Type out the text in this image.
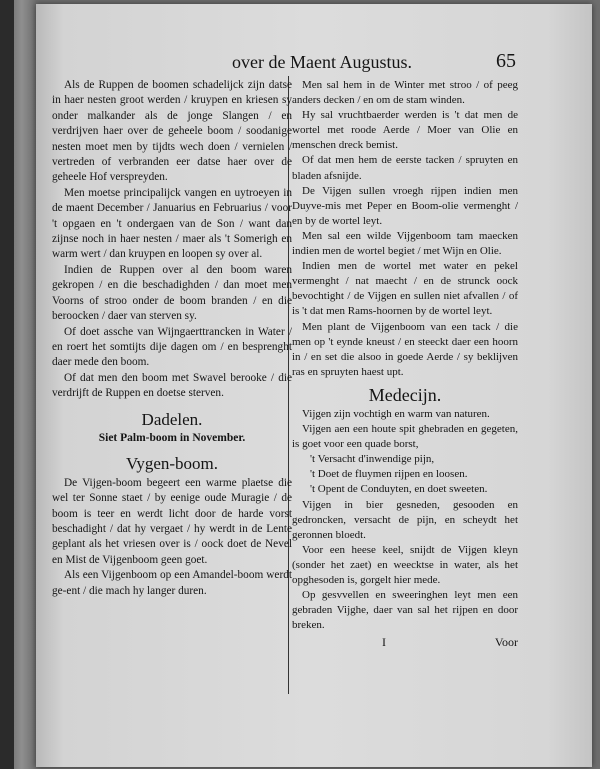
over de Maent Augustus.	65

Als de Ruppen de boomen schadelijck zijn datse in haer nesten groot werden / kruypen en kriesen sy onder malkander als de jonge Slangen / en verdrijven haer over de geheele boom / soodanige nesten moet men by tijdts wech doen / vernielen / vertreden of verbranden eer datse haer over de geheele Hof verspreyden.

Men moetse principalijck vangen en uytroeyen in de maent December / Januarius en Februarius / voor 't opgaen en 't ondergaen van de Son / want dan zijnse noch in haer nesten / maer als 't Somerigh en warm wert / dan kruypen en loopen sy over al.

Indien de Ruppen over al den boom waren gekropen / en die beschadighden / dan moet men Voorns of stroo onder de boom branden / en die beroocken / daer van sterven sy.

Of doet assche van Wijngaerttrancken in Water / en roert het somtijts dije dagen om / en besprenght daer mede den boom.

Of dat men den boom met Swavel berooke / die verdrijft de Ruppen en doetse sterven.

Dadelen.
Siet Palm-boom in November.
Vygen-boom.

De Vijgen-boom begeert een warme plaetse die wel ter Sonne staet / by eenige oude Muragie / de boom is teer en werdt licht door de harde vorst beschadight / dat hy vergaet / hy werdt in de Lente geplant als het vriesen over is / oock doet de Nevel en Mist de Vijgenboom geen goet.

Als een Vijgenboom op een Amandel-boom werdt ge-ent / die mach hy langer duren.

Men sal hem in de Winter met stroo / of peeg anders decken / en om de stam winden.

Hy sal vruchtbaerder werden is 't dat men de wortel met roode Aerde / Moer van Olie en menschen dreck bemist.

Of dat men hem de eerste tacken / spruyten en bladen afsnijde.

De Vijgen sullen vroegh rijpen indien men Duyve-mis met Peper en Boom-olie vermenght / en by de wortel leyt.

Men sal een wilde Vijgenboom tam maecken indien men de wortel begiet / met Wijn en Olie.

Indien men de wortel met water en pekel vermenght / nat maecht / en de strunck oock bevochtight / de Vijgen en sullen niet afvallen / of is 't dat men Rams-hoornen by de wortel leyt.

Men plant de Vijgenboom van een tack / die men op 't eynde kneust / en steeckt daer een hoorn in / en set die alsoo in goede Aerde / sy beklijven ras en spruyten haest upt.

Medecijn.

Vijgen zijn vochtigh en warm van naturen.

Vijgen aen een houte spit ghebraden en gegeten, is goet voor een quade borst,

't Versacht d'inwendige pijn,

't Doet de fluymen rijpen en loosen.

't Opent de Conduyten, en doet sweeten.

Vijgen in bier gesneden, gesooden en gedroncken, versacht de pijn, en scheydt het geronnen bloedt.

Voor een heese keel, snijdt de Vijgen kleyn (sonder het zaet) en weecktse in water, als het opghesoden is, gorgelt hier mede.

Op gesvvellen en sweeringhen leyt men een gebraden Vijghe, daer van sal het rijpen en door breken.

I	Voor
